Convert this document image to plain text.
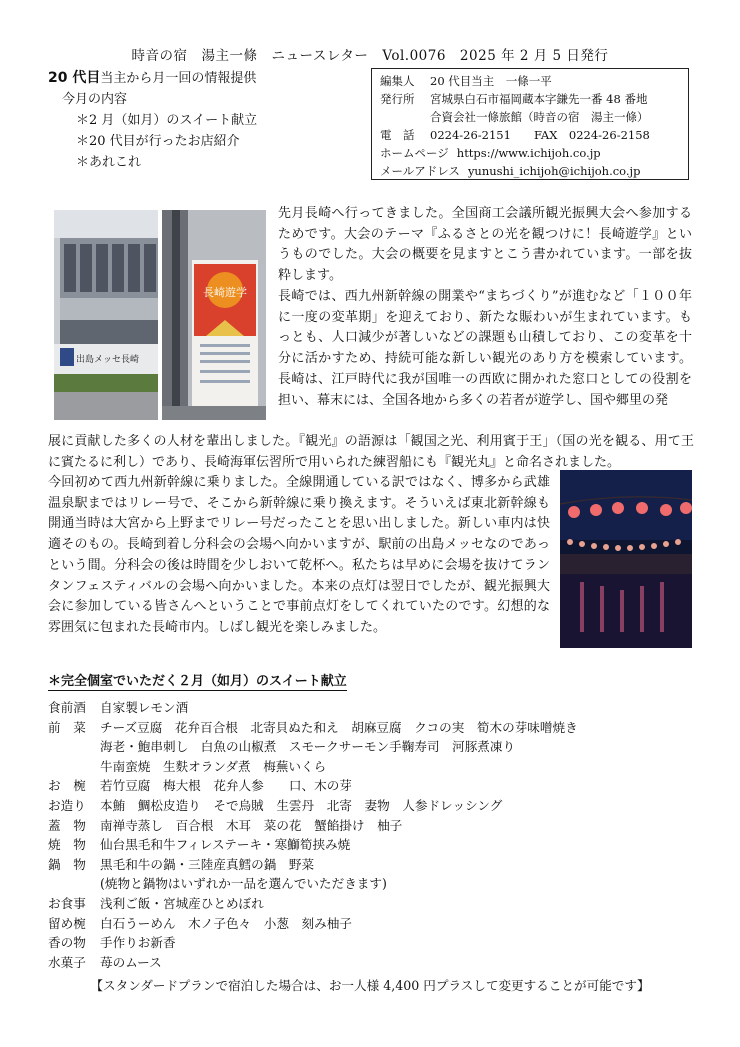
時音の宿　湯主一條　ニュースレター　Vol.0076　2025 年 2 月 5 日発行
20 代目 当主から月一回の情報提供
今月の内容
＊2 月（如月）のスイート献立
＊20 代目が行ったお店紹介
＊あれこれ
編集人	20 代目当主　一條一平
発行所	宮城県白石市福岡蔵本字鎌先一番 48 番地
合資会社一條旅館（時音の宿　湯主一條）
電　話	0224-26-2151　　FAX　0224-26-2158
ホームページ https://www.ichijoh.co.jp
メールアドレス yunushi_ichijoh@ichijoh.co.jp
出島メッセ長崎
長崎遊学

先月長崎へ行ってきました。全国商工会議所観光振興大会へ参加するためです。大会のテーマ『ふるさとの光を観つけに！長崎遊学』というものでした。大会の概要を見ますとこう書かれています。一部を抜粋します。

長崎では、西九州新幹線の開業や“まちづくり”が進むなど「１００年に一度の変革期」を迎えており、新たな賑わいが生まれています。もっとも、人口減少が著しいなどの課題も山積しており、この変革を十分に活かすため、持続可能な新しい観光のあり方を模索しています。長崎は、江戸時代に我が国唯一の西欧に開かれた窓口としての役割を担い、幕末には、全国各地から多くの若者が遊学し、国や郷里の発

展に貢献した多くの人材を輩出しました。『観光』の語源は「観国之光、利用賓于王」（国の光を観る、用て王に賓たるに利し）であり、長崎海軍伝習所で用いられた練習船にも『観光丸』と命名されました。

今回初めて西九州新幹線に乗りました。全線開通している訳ではなく、博多から武雄温泉駅まではリレー号で、そこから新幹線に乗り換えます。そういえば東北新幹線も開通当時は大宮から上野までリレー号だったことを思い出しました。新しい車内は快適そのもの。長崎到着し分科会の会場へ向かいますが、駅前の出島メッセなのであっという間。分科会の後は時間を少しおいて乾杯へ。私たちは早めに会場を抜けてランタンフェスティバルの会場へ向かいました。本来の点灯は翌日でしたが、観光振興大会に参加している皆さんへということで事前点灯をしてくれていたのです。幻想的な雰囲気に包まれた長崎市内。しばし観光を楽しみました。

＊完全個室でいただく２月（如月）のスイート献立
食前酒	自家製レモン酒
前　菜	チーズ豆腐　花弁百合根　北寄貝ぬた和え　胡麻豆腐　クコの実　筍木の芽味噌焼き
海老・鮑串刺し　白魚の山椒煮　スモークサーモン手鞠寿司　河豚煮凍り
牛南蛮焼　生麩オランダ煮　梅蕪いくら
お　椀	若竹豆腐　梅大根　花弁人参　　口、木の芽
お造り	本鮪　鯛松皮造り　そで烏賊　生雲丹　北寄　妻物　人参ドレッシング
蓋　物	南禅寺蒸し　百合根　木耳　菜の花　蟹餡掛け　柚子
焼　物	仙台黒毛和牛フィレステーキ・寒鰤筍挟み焼
鍋　物	黒毛和牛の鍋・三陸産真鱈の鍋　野菜
(焼物と鍋物はいずれか一品を選んでいただきます)
お食事	浅利ご飯・宮城産ひとめぼれ
留め椀	白石うーめん　木ノ子色々　小葱　刻み柚子
香の物	手作りお新香
水菓子	苺のムース
【スタンダードプランで宿泊した場合は、お一人様 4,400 円プラスして変更することが可能です】
